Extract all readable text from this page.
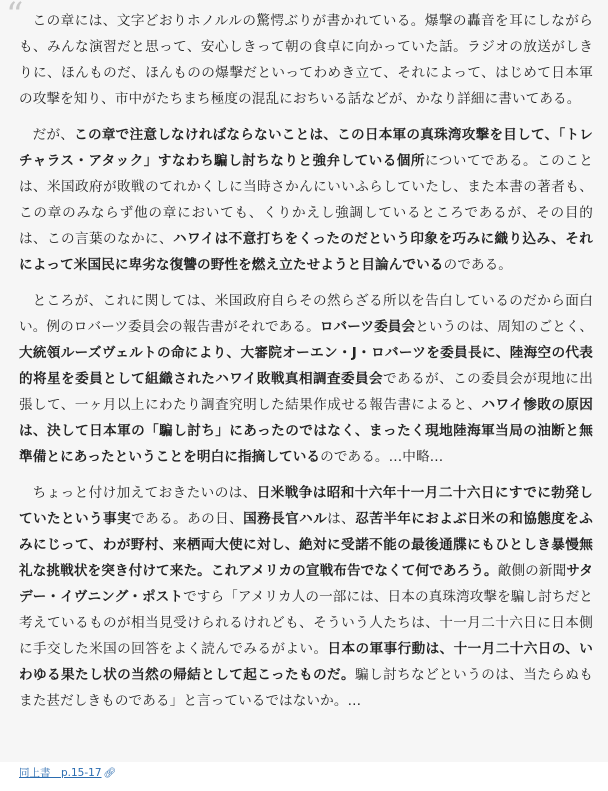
“ この章には、文字どおりホノルルの驚愕ぶりが書かれている。爆撃の轟音を耳にしながらも、みんな演習だと思って、安心しきって朝の食卓に向かっていた話。ラジオの放送がしきりに、ほんものだ、ほんものの爆撃だといってわめき立て、それによって、はじめて日本軍の攻撃を知り、市中がたちまち極度の混乱におちいる話などが、かなり詳細に書いてある。

だが、この章で注意しなければならないことは、この日本軍の真珠湾攻撃を目して、「トレチャラス・アタック」すなわち騙し討ちなりと強弁している個所についてである。このことは、米国政府が敗戦のてれかくしに当時さかんにいいふらしていたし、また本書の著者も、この章のみならず他の章においても、くりかえし強調しているところであるが、その目的は、この言葉のなかに、ハワイは不意打ちをくったのだという印象を巧みに織り込み、それによって米国民に卑劣な復讐の野性を燃え立たせようと目論んでいるのである。

ところが、これに関しては、米国政府自らその然らざる所以を告白しているのだから面白い。例のロバーツ委員会の報告書がそれである。ロバーツ委員会というのは、周知のごとく、大統領ルーズヴェルトの命により、大審院オーエン・J・ロバーツを委員長に、陸海空の代表的将星を委員として組織されたハワイ敗戦真相調査委員会であるが、この委員会が現地に出張して、一ヶ月以上にわたり調査究明した結果作成せる報告書によると、ハワイ惨敗の原因は、決して日本軍の「騙し討ち」にあったのではなく、まったく現地陸海軍当局の油断と無準備とにあったということを明白に指摘しているのである。…中略…

ちょっと付け加えておきたいのは、日米戦争は昭和十六年十一月二十六日にすでに勃発していたという事実である。あの日、国務長官ハルは、忍苦半年におよぶ日米の和協態度をふみにじって、わが野村、来栖両大使に対し、絶対に受諾不能の最後通牒にもひとしき暴慢無礼な挑戦状を突き付けて来た。これアメリカの宣戦布告でなくて何であろう。敵側の新聞サタデー・イヴニング・ポストですら「アメリカ人の一部には、日本の真珠湾攻撃を騙し討ちだと考えているものが相当見受けられるけれども、そういう人たちは、十一月二十六日に日本側に手交した米国の回答をよく読んでみるがよい。日本の軍事行動は、十一月二十六日の、いわゆる果たし状の当然の帰結として起こったものだ。騙し討ちなどというのは、当たらぬもまた甚だしきものである」と言っているではないか。…

同上書　p.15-17 🔗︎
